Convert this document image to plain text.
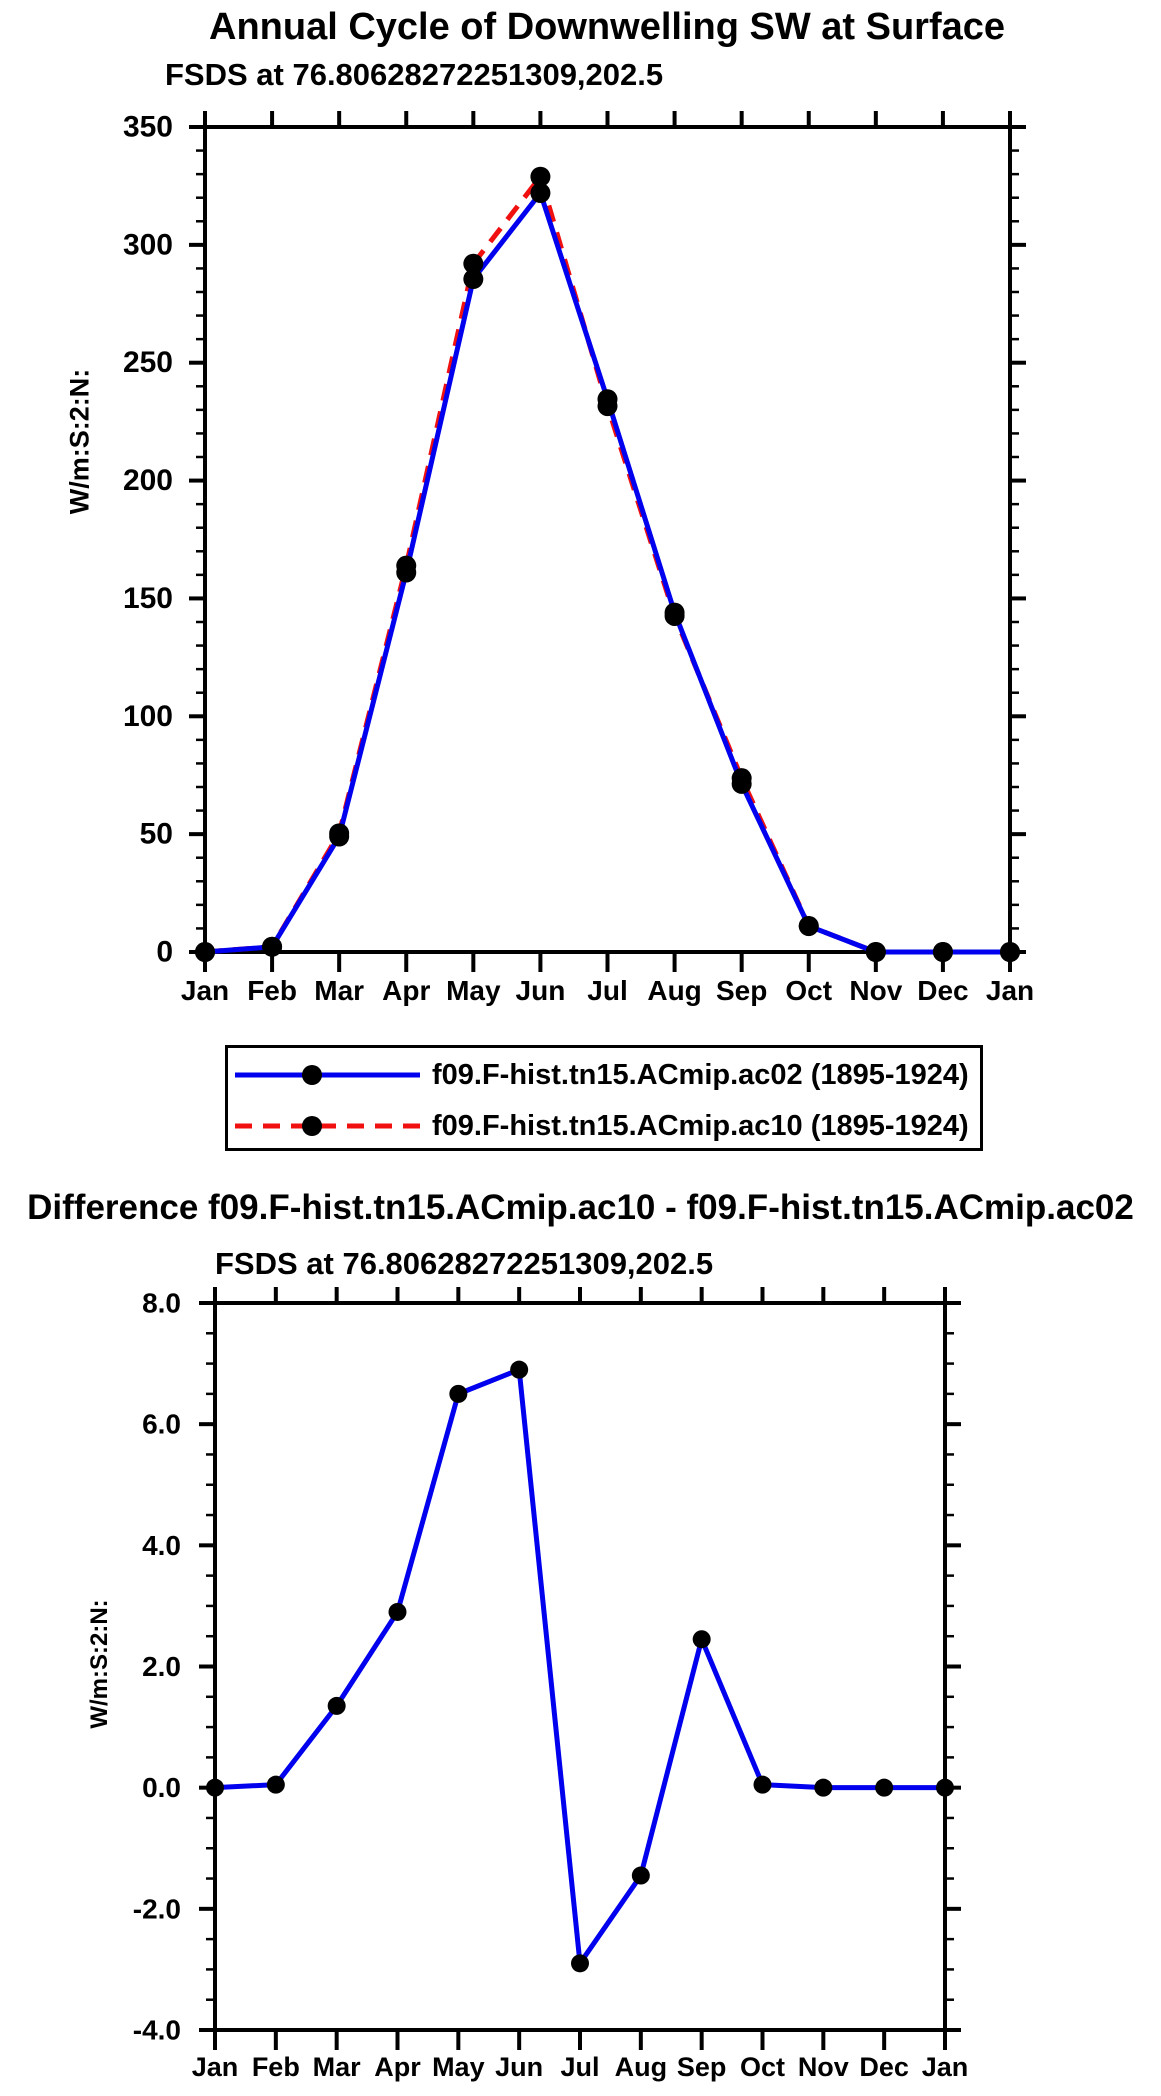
0
50
100
150
200
250
300
350
Jan Feb Mar Apr May Jun Jul Aug Sep Oct Nov Dec Jan
-4.0
-2.0
0.0
2.0
4.0
6.0
8.0
Jan Feb Mar Apr May Jun Jul Aug Sep Oct Nov Dec Jan
Annual Cycle of Downwelling SW at Surface
FSDS at 76.80628272251309,202.5
W/m:S:2:N:
f09.F-hist.tn15.ACmip.ac02 (1895-1924)
f09.F-hist.tn15.ACmip.ac10 (1895-1924)
Difference f09.F-hist.tn15.ACmip.ac10 - f09.F-hist.tn15.ACmip.ac02
FSDS at 76.80628272251309,202.5
W/m:S:2:N:
